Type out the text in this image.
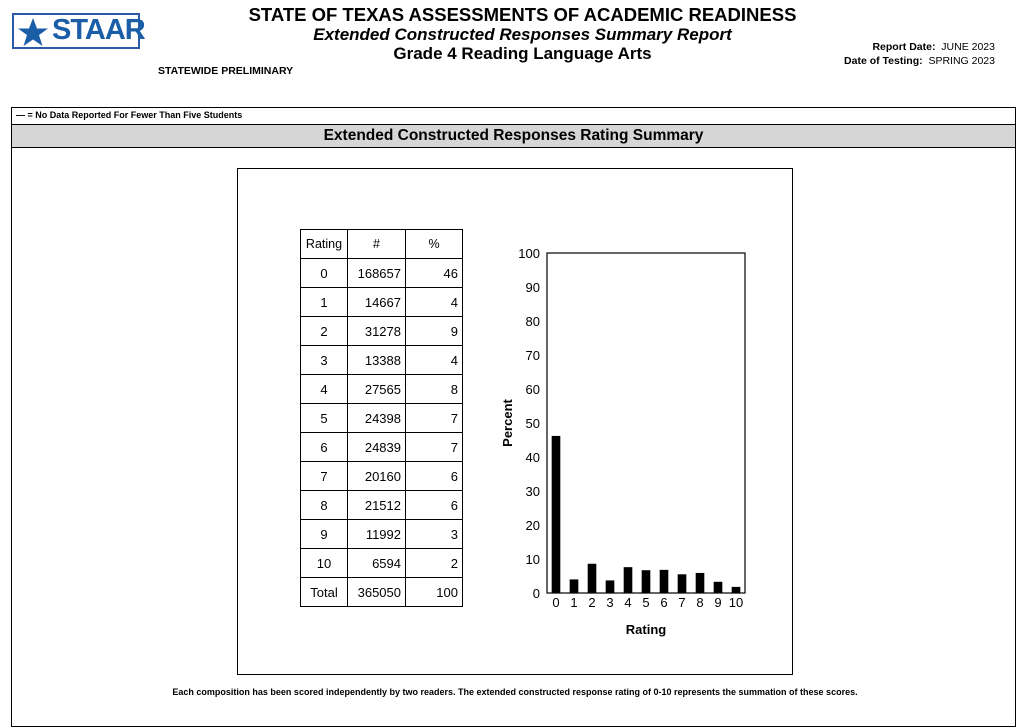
STAAR	STATE OF TEXAS ASSESSMENTS OF ACADEMIC READINESS
Extended Constructed Responses Summary Report
Grade 4 Reading Language Arts
STATEWIDE PRELIMINARY
Report Date: JUNE 2023
Date of Testing: SPRING 2023
— = No Data Reported For Fewer Than Five Students
Extended Constructed Responses Rating Summary
Rating	#	%
0	168657	46
1	14667	4
2	31278	9
3	13388	4
4	27565	8
5	24398	7
6	24839	7
7	20160	6
8	21512	6
9	11992	3
10	6594	2
Total	365050	100	0
10
20
30
40
50
60
70
80
90
100
0 1 2 3 4 5 6 7 8 9 10
Rating
Percent
Each composition has been scored independently by two readers. The extended constructed response rating of 0-10 represents the summation of these scores.
